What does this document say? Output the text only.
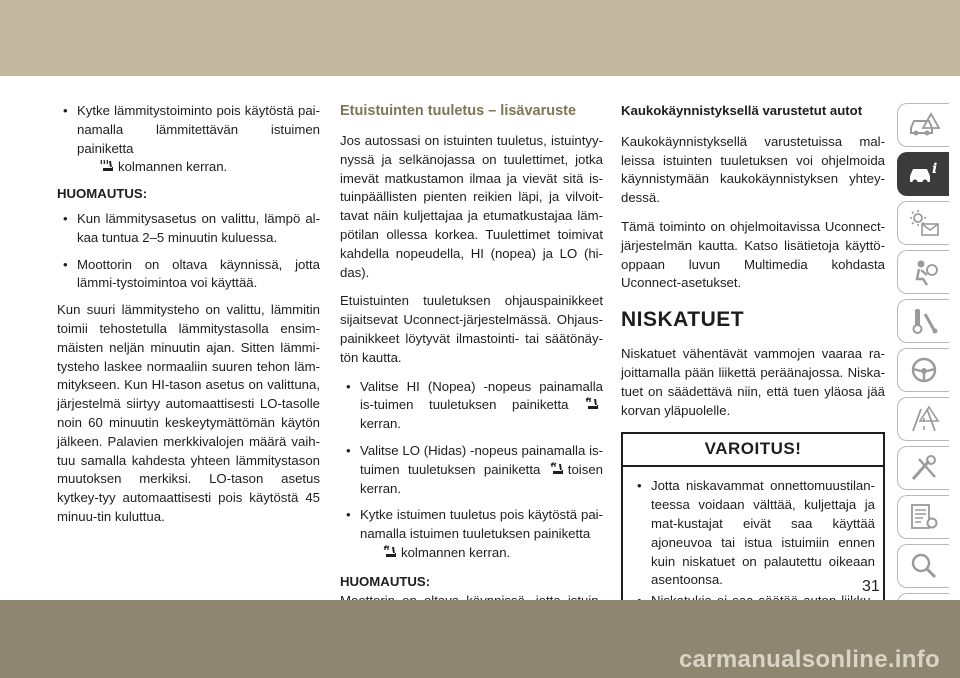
• Kytke lämmitystoiminto pois käytöstä pai-namalla lämmitettävän istuimen painiketta
kolmannen kerran.
HUOMAUTUS:
• Kun lämmitysasetus on valittu, lämpö al-kaa tuntua 2–5 minuutin kuluessa.
• Moottorin on oltava käynnissä, jotta lämmi-tystoimintoa voi käyttää.

Kun suuri lämmitysteho on valittu, lämmitin toimii tehostetulla lämmitystasolla ensim-mäisten neljän minuutin ajan. Sitten lämmi-tysteho laskee normaaliin suuren tehon läm-mitykseen. Kun HI-tason asetus on valittuna, järjestelmä siirtyy automaattisesti LO-tasolle noin 60 minuutin keskeytymättömän käytön jälkeen. Palavien merkkivalojen määrä vaih-tuu samalla kahdesta yhteen lämmitystason muutoksen merkiksi. LO-tason asetus kytkey-tyy automaattisesti pois käytöstä 45 minuu-tin kuluttua.

Etuistuinten tuuletus – lisävaruste

Jos autossasi on istuinten tuuletus, istuintyy-nyssä ja selkänojassa on tuulettimet, jotka imevät matkustamon ilmaa ja vievät sitä is-tuinpäällisten pienten reikien läpi, ja vilvoit-tavat näin kuljettajaa ja etumatkustajaa läm-pötilan ollessa korkea. Tuulettimet toimivat kahdella nopeudella, HI (nopea) ja LO (hi-das).

Etuistuinten tuuletuksen ohjauspainikkeet sijaitsevat Uconnect-järjestelmässä. Ohjaus-painikkeet löytyvät ilmastointi- tai säätönäy-tön kautta.

• Valitse HI (Nopea) -nopeus painamalla is-tuimen tuuletuksen painiketta kerran.
• Valitse LO (Hidas) -nopeus painamalla is-tuimen tuuletuksen painiketta toisen kerran.
• Kytke istuimen tuuletus pois käytöstä pai-namalla istuimen tuuletuksen painiketta
kolmannen kerran.
HUOMAUTUS:

Kaukokäynnistyksellä varustetut autot

Kaukokäynnistyksellä varustetuissa mal-leissa istuinten tuuletuksen voi ohjelmoida käynnistymään kaukokäynnistyksen yhtey-dessä.

Tämä toiminto on ohjelmoitavissa Uconnect-järjestelmän kautta. Katso lisätietoja käyttö-oppaan luvun Multimedia kohdasta Uconnect-asetukset.

NISKATUET

Niskatuet vähentävät vammojen vaaraa ra-joittamalla pään liikettä peräänajossa. Niska-tuet on säädettävä niin, että tuen yläosa jää korvan yläpuolelle.

VAROITUS!
• Jotta niskavammat onnettomuustilan-teessa voidaan välttää, kuljettaja ja mat-kustajat eivät saa käyttää ajoneuvoa tai istua istuimiin ennen kuin niskatuet on palautettu oikeaan asentoonsa.
•
i
31
carmanualsonline.info
